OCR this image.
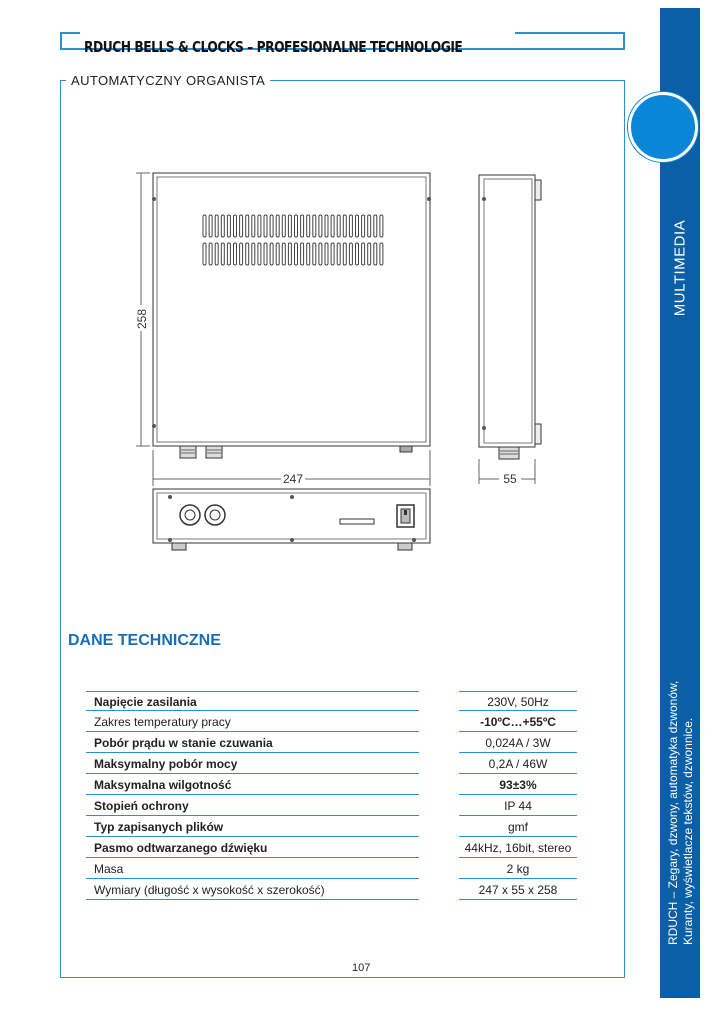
RDUCH BELLS & CLOCKS – PROFESIONALNE TECHNOLOGIE
AUTOMATYCZNY ORGANISTA
MULTIMEDIA
RDUCH – Zegary, dzwony, automatyka dzwonów, Kuranty, wyświetlacze tekstów, dzwonnice.
247	55
258
DANE TECHNICZNE
Napięcie zasilania	230V, 50Hz
Zakres temperatury pracy	-10ºC…+55ºC
Pobór prądu w stanie czuwania	0,024A / 3W
Maksymalny pobór mocy	0,2A / 46W
Maksymalna wilgotność	93±3%
Stopień ochrony	IP 44
Typ zapisanych plików	gmf
Pasmo odtwarzanego dźwięku	44kHz, 16bit, stereo
Masa	2 kg
Wymiary (długość x wysokość x szerokość)	247 x 55 x 258
107
